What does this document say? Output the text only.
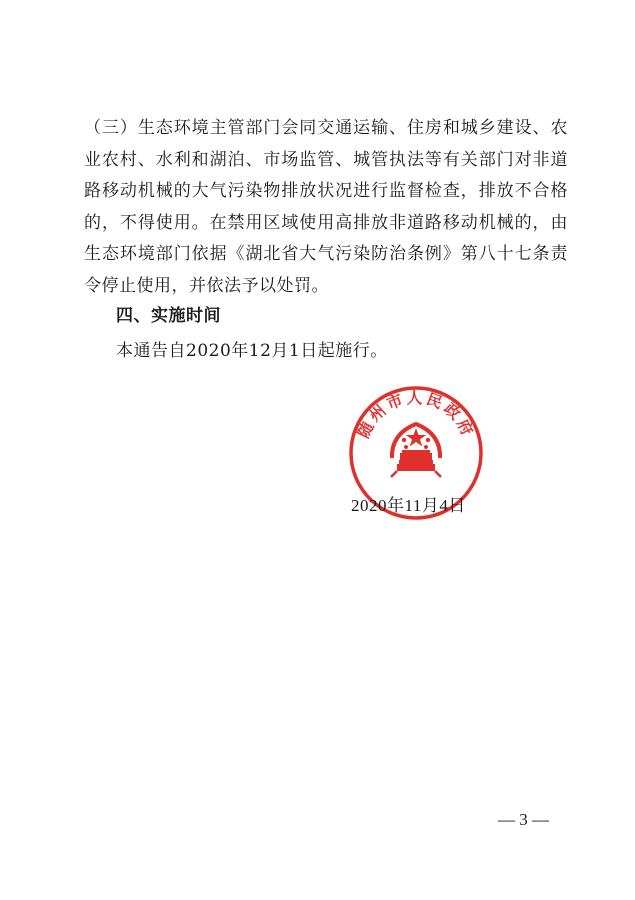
（三）生态环境主管部门会同交通运输、住房和城乡建设、农业农村、水利和湖泊、市场监管、城管执法等有关部门对非道路移动机械的大气污染物排放状况进行监督检查，排放不合格的，不得使用。在禁用区域使用高排放非道路移动机械的，由生态环境部门依据《湖北省大气污染防治条例》第八十七条责令停止使用，并依法予以处罚。

四、实施时间

本通告自2020年12月1日起施行。

随州市人民政府

2020年11月4日

— 3 —
